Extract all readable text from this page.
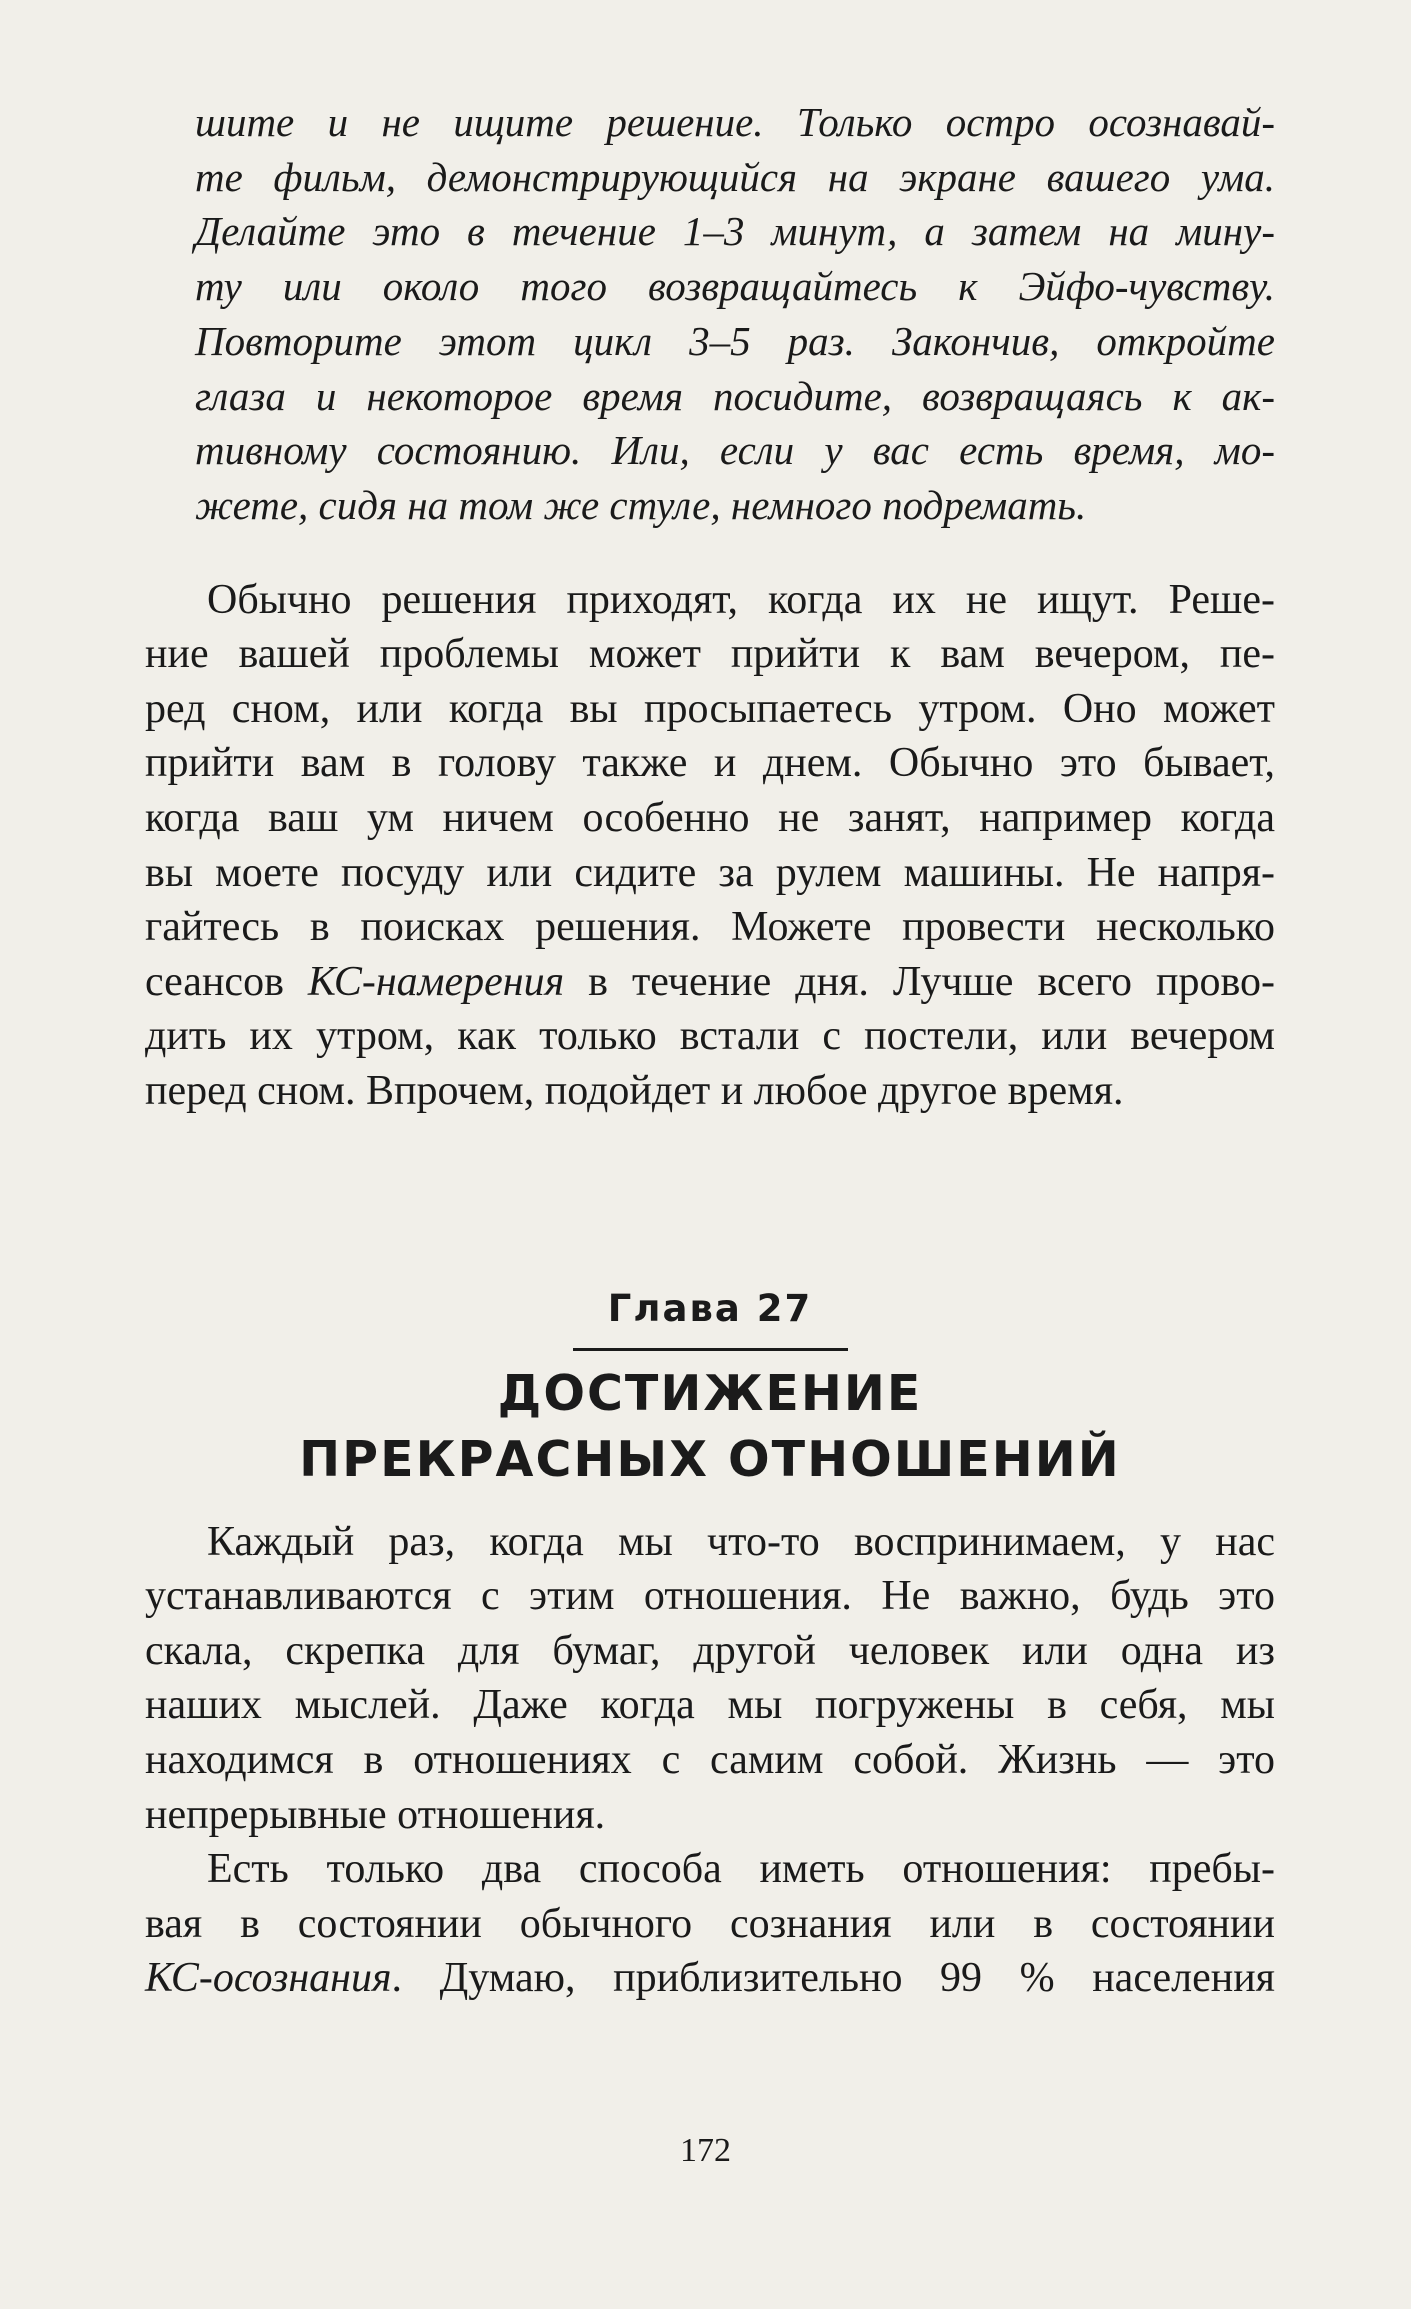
шите и не ищите решение. Только остро осознавай-
те фильм, демонстрирующийся на экране вашего ума.
Делайте это в течение 1–3 минут, а затем на мину-
ту или около того возвращайтесь к Эйфо-чувству.
Повторите этот цикл 3–5 раз. Закончив, откройте
глаза и некоторое время посидите, возвращаясь к ак-
тивному состоянию. Или, если у вас есть время, мо-
жете, сидя на том же стуле, немного подремать.
Обычно решения приходят, когда их не ищут. Реше-
ние вашей проблемы может прийти к вам вечером, пе-
ред сном, или когда вы просыпаетесь утром. Оно может
прийти вам в голову также и днем. Обычно это бывает,
когда ваш ум ничем особенно не занят, например когда
вы моете посуду или сидите за рулем машины. Не напря-
гайтесь в поисках решения. Можете провести несколько
сеансов КС-намерения в течение дня. Лучше всего прово-
дить их утром, как только встали с постели, или вечером
перед сном. Впрочем, подойдет и любое другое время.
Глава 27
ДОСТИЖЕНИЕ
ПРЕКРАСНЫХ ОТНОШЕНИЙ
Каждый раз, когда мы что-то воспринимаем, у нас
устанавливаются с этим отношения. Не важно, будь это
скала, скрепка для бумаг, другой человек или одна из
наших мыслей. Даже когда мы погружены в себя, мы
находимся в отношениях с самим собой. Жизнь — это
непрерывные отношения.
Есть только два способа иметь отношения: пребы-
вая в состоянии обычного сознания или в состоянии
КС-осознания. Думаю, приблизительно 99 % населения
172
